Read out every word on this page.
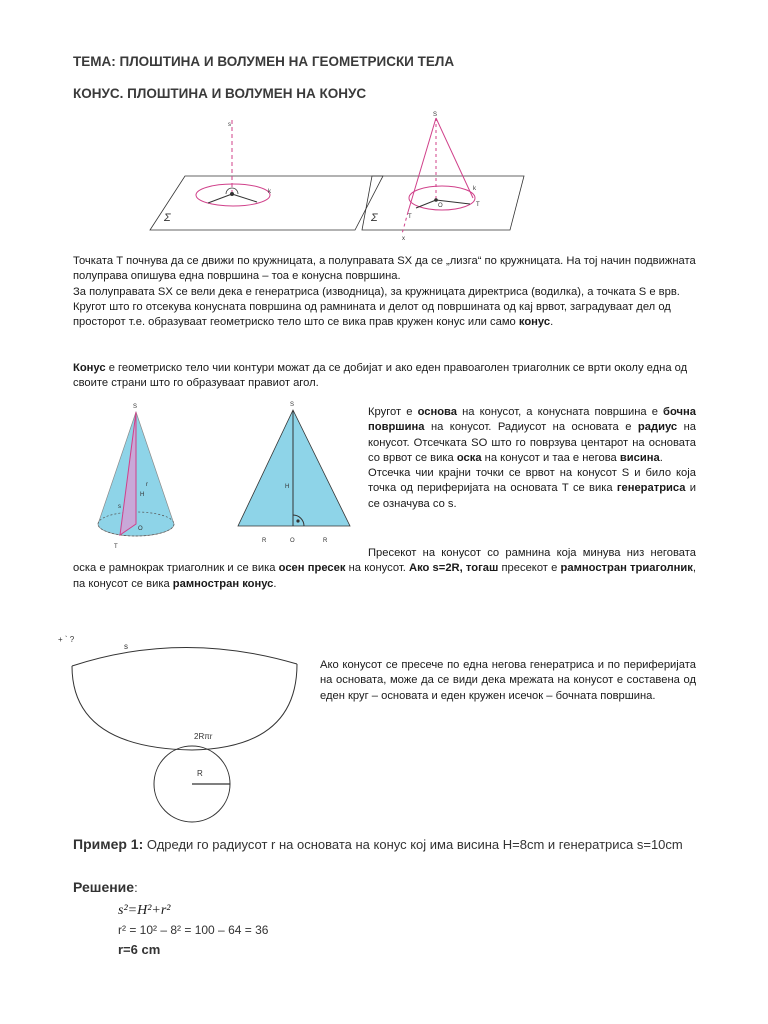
ТЕМА: ПЛОШТИНА И ВОЛУМЕН НА ГЕОМЕТРИСКИ ТЕЛА
КОНУС. ПЛОШТИНА И ВОЛУМЕН НА КОНУС
s
k
Σ
S
k
Σ	T
O	T
x
Точката Т почнува да се движи по кружницата, а полуправата SX да се „лизга“ по кружницата. На тој начин подвижната полуправа опишува една површина – тоа е конусна површина.
За полуправата SX се вели дека е генератриса (изводница), за кружницата директриса (водилка), а точката S е врв.
Кругот што го отсекува конусната површина од рамнината и делот од површината од кај врвот, заградуваат дел од просторот т.е. образуваат геометриско тело што се вика прав кружен конус или само конус.
Конус е геометриско тело чии контури можат да се добијат и ако еден правоаголен триаголник се врти околу една од своите страни што го образуваат правиот агол.
S
H
r
O
s
T
S
H
R	O	R
Кругот е основа на конусот, а конусната површина е бочна површина на конусот. Радиусот на основата е радиус на конусот. Отсечката SO што го поврзува центарот на основата со врвот се вика оска на конусот и таа е негова висина.
Отсечка чии крајни точки се врвот на конусот S и било која точка од периферијата на основата Т се вика генератриса и се означува со s.
Пресекот на конусот со рамнина која минува низ неговата оска е рамнокрак триаголник и се вика осен пресек на конусот. Ако s=2R, тогаш пресекот е рамностран триаголник, па конусот се вика рамностран конус.
+ ` ?
s
2Rπr
R
Ако конусот се пресече по една негова генератриса и по периферијата на основата, може да се види дека мрежата на конусот е составена од еден круг – основата и еден кружен исечок – бочната површина.
Пример 1: Одреди го радиусот r на основата на конус кој има висина H=8cm и генератриса s=10cm
Решение:
s²=H²+r²
r² = 10² – 8² = 100 – 64 = 36
r=6 cm
